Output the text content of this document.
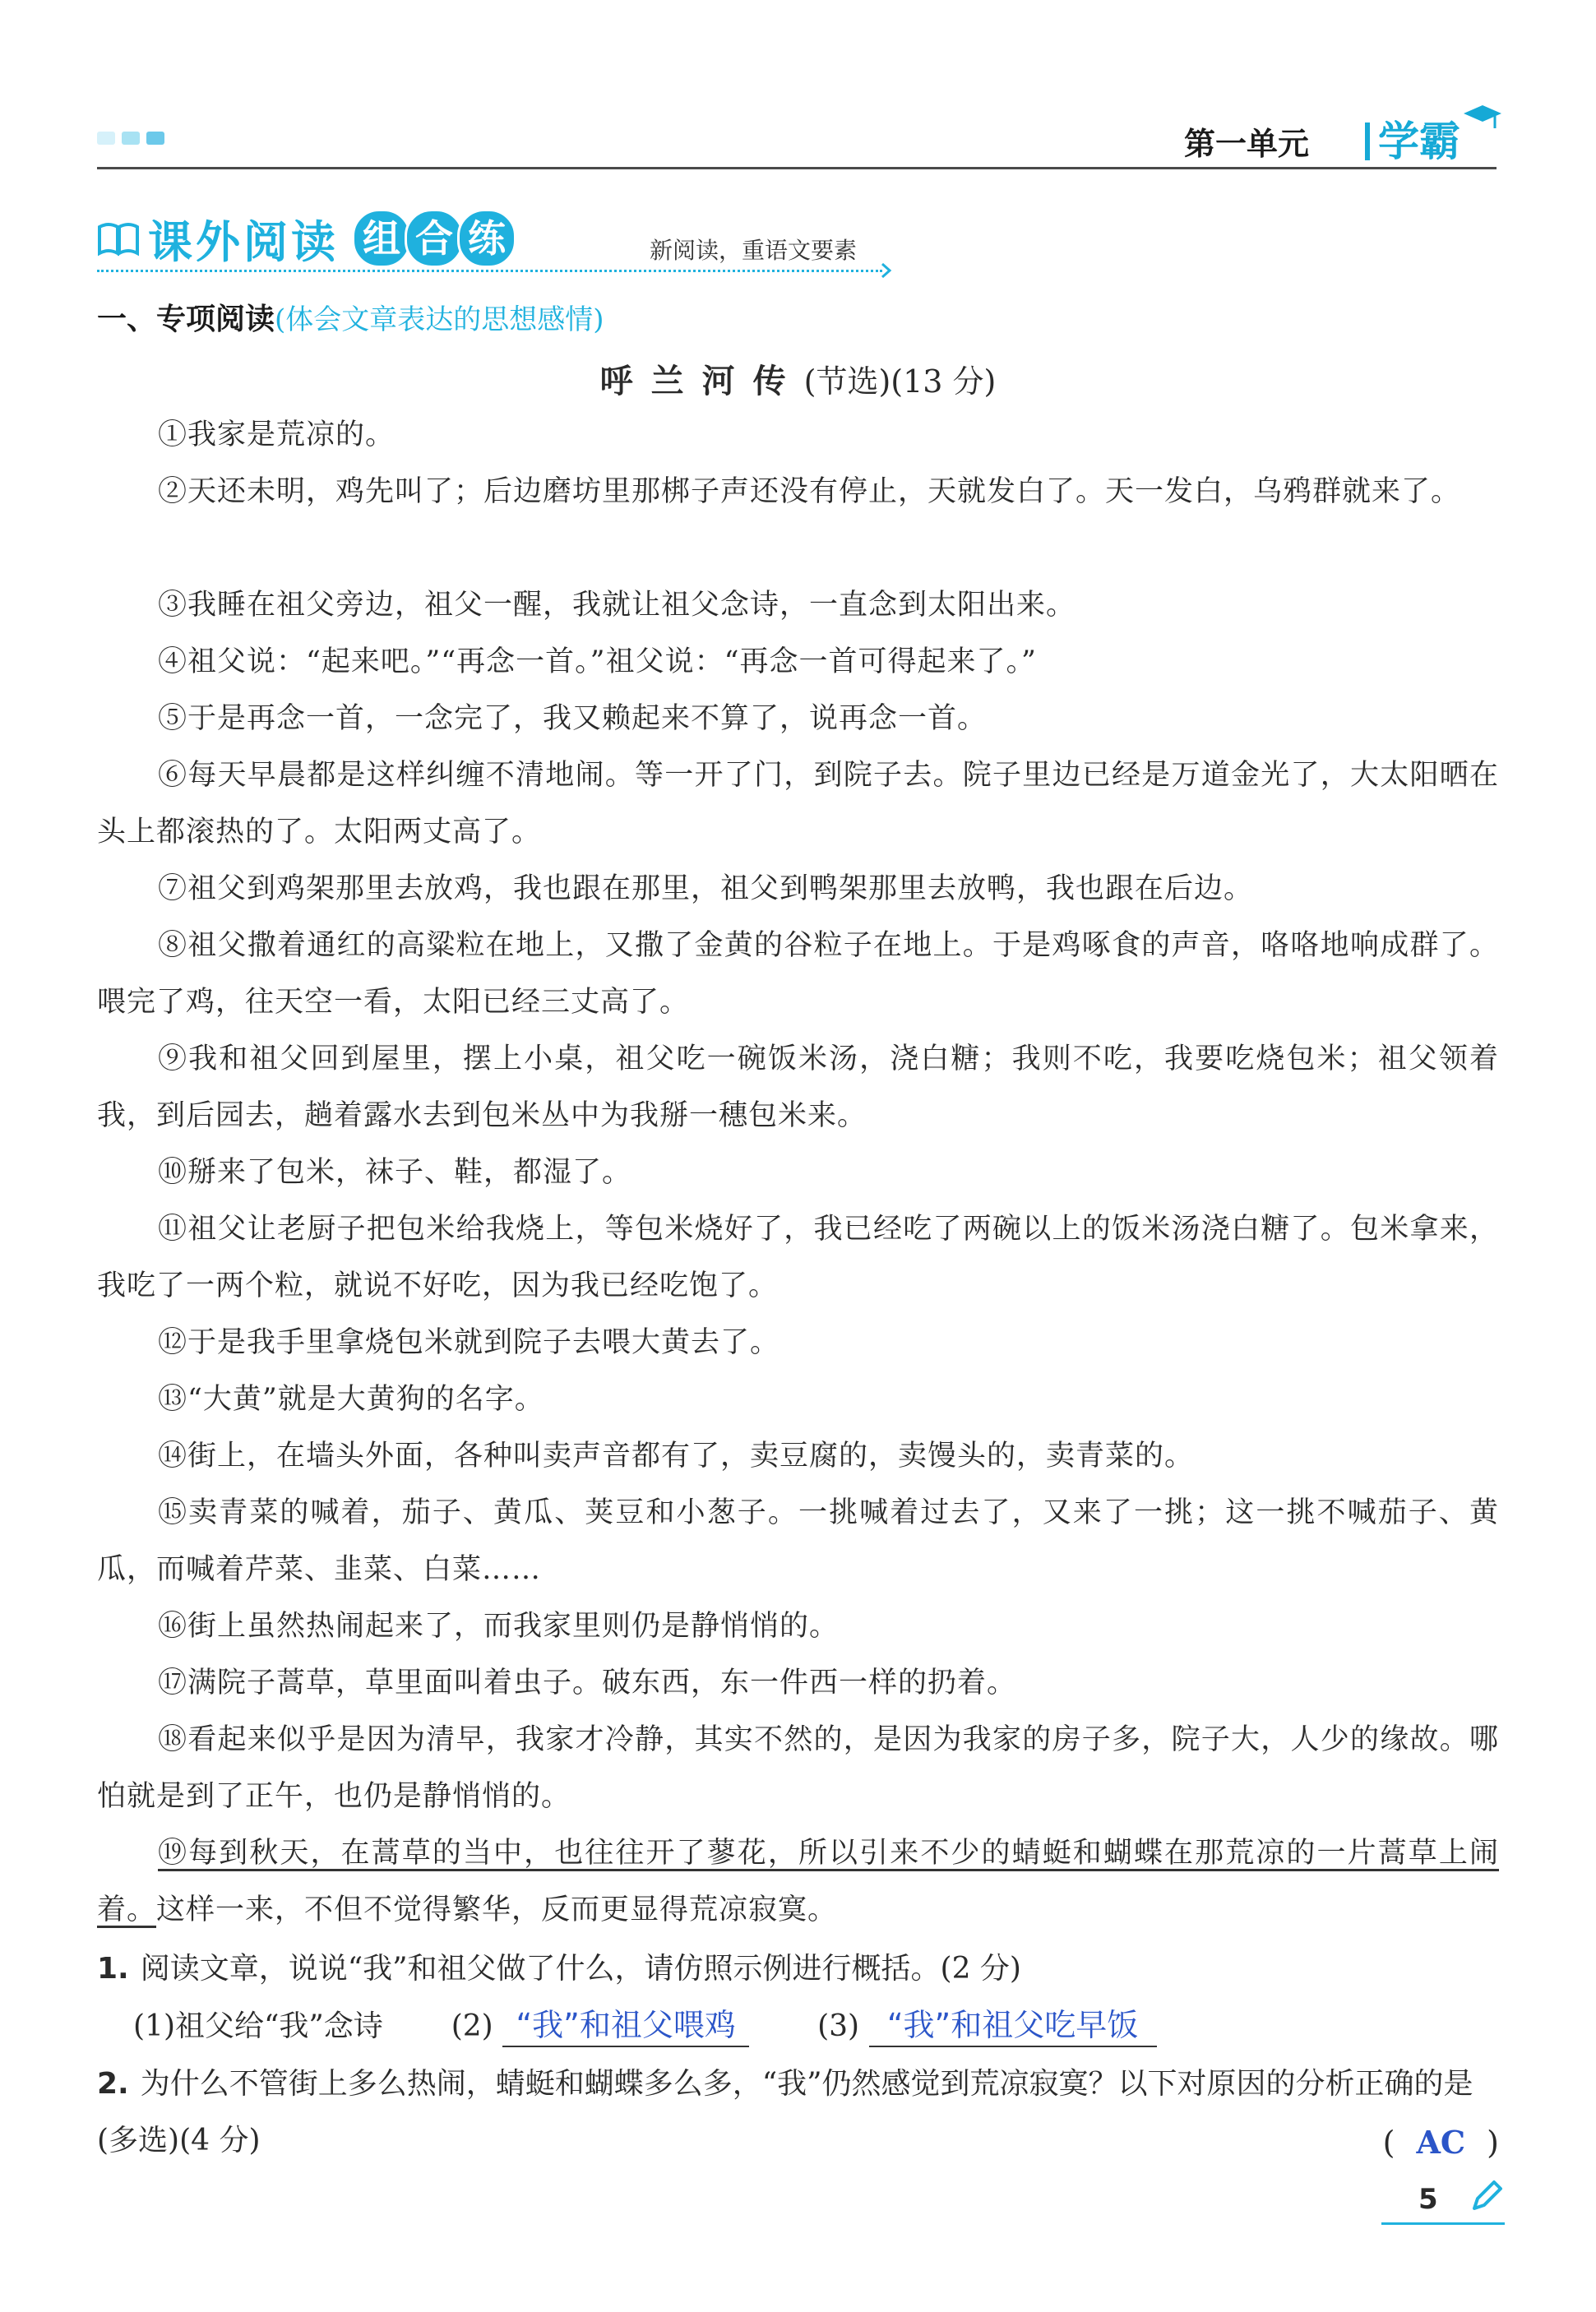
第一单元	学霸
课外阅读 组 合 练	新阅读，重语文要素
一、专项阅读(体会文章表达的思想感情)
呼兰河传(节选)(13 分)

①我家是荒凉的。

②天还未明，鸡先叫了；后边磨坊里那梆子声还没有停止，天就发白了。天一发白，乌鸦群就来了。

③我睡在祖父旁边，祖父一醒，我就让祖父念诗，一直念到太阳出来。

④祖父说：“起来吧。”“再念一首。”祖父说：“再念一首可得起来了。”

⑤于是再念一首，一念完了，我又赖起来不算了，说再念一首。

⑥每天早晨都是这样纠缠不清地闹。等一开了门，到院子去。院子里边已经是万道金光了，大太阳晒在头上都滚热的了。太阳两丈高了。

⑦祖父到鸡架那里去放鸡，我也跟在那里，祖父到鸭架那里去放鸭，我也跟在后边。

⑧祖父撒着通红的高粱粒在地上，又撒了金黄的谷粒子在地上。于是鸡啄食的声音，咯咯地响成群了。喂完了鸡，往天空一看，太阳已经三丈高了。

⑨我和祖父回到屋里，摆上小桌，祖父吃一碗饭米汤，浇白糖；我则不吃，我要吃烧包米；祖父领着我，到后园去，趟着露水去到包米丛中为我掰一穗包米来。

⑩掰来了包米，袜子、鞋，都湿了。

⑪祖父让老厨子把包米给我烧上，等包米烧好了，我已经吃了两碗以上的饭米汤浇白糖了。包米拿来，我吃了一两个粒，就说不好吃，因为我已经吃饱了。

⑫于是我手里拿烧包米就到院子去喂大黄去了。

⑬“大黄”就是大黄狗的名字。

⑭街上，在墙头外面，各种叫卖声音都有了，卖豆腐的，卖馒头的，卖青菜的。

⑮卖青菜的喊着，茄子、黄瓜、荚豆和小葱子。一挑喊着过去了，又来了一挑；这一挑不喊茄子、黄瓜，而喊着芹菜、韭菜、白菜……

⑯街上虽然热闹起来了，而我家里则仍是静悄悄的。

⑰满院子蒿草，草里面叫着虫子。破东西，东一件西一样的扔着。

⑱看起来似乎是因为清早，我家才冷静，其实不然的，是因为我家的房子多，院子大，人少的缘故。哪怕就是到了正午，也仍是静悄悄的。

⑲每到秋天，在蒿草的当中，也往往开了蓼花，所以引来不少的蜻蜓和蝴蝶在那荒凉的一片蒿草上闹着。这样一来，不但不觉得繁华，反而更显得荒凉寂寞。

1. 阅读文章，说说“我”和祖父做了什么，请仿照示例进行概括。(2 分)
(1)祖父给“我”念诗 (2) “我”和祖父喂鸡	(3) “我”和祖父吃早饭
2. 为什么不管街上多么热闹，蜻蜓和蝴蝶多么多，“我”仍然感觉到荒凉寂寞？以下对原因的分析正确的是(多选)(4 分)	( AC )
5
